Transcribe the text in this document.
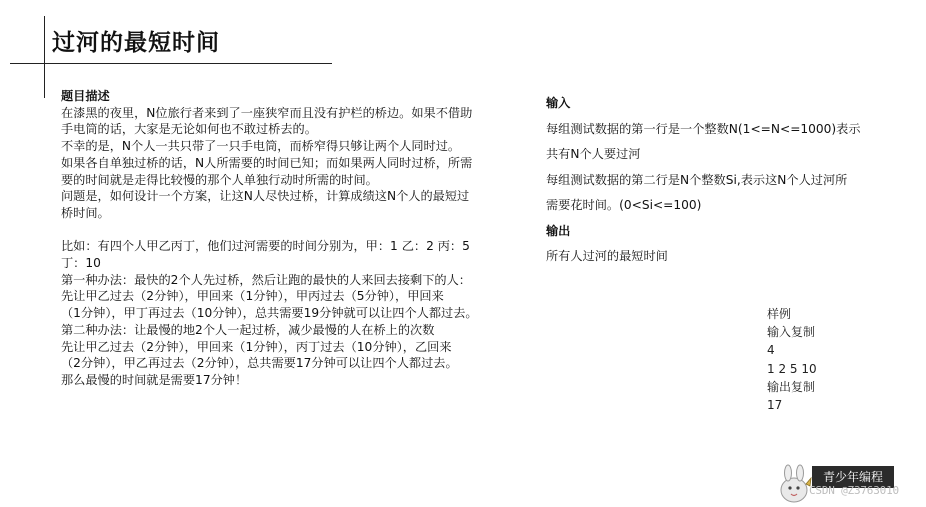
过河的最短时间
题目描述
在漆黑的夜里，N位旅行者来到了一座狭窄而且没有护栏的桥边。如果不借助
手电筒的话，大家是无论如何也不敢过桥去的。
不幸的是，N个人一共只带了一只手电筒，而桥窄得只够让两个人同时过。
如果各自单独过桥的话，N人所需要的时间已知；而如果两人同时过桥，所需
要的时间就是走得比较慢的那个人单独行动时所需的时间。
问题是，如何设计一个方案，让这N人尽快过桥，计算成绩这N个人的最短过
桥时间。
比如：有四个人甲乙丙丁，他们过河需要的时间分别为，甲：1 乙：2 丙：5
丁：10
第一种办法：最快的2个人先过桥，然后让跑的最快的人来回去接剩下的人：
先让甲乙过去（2分钟），甲回来（1分钟），甲丙过去（5分钟），甲回来
（1分钟），甲丁再过去（10分钟），总共需要19分钟就可以让四个人都过去。
第二种办法：让最慢的地2个人一起过桥，减少最慢的人在桥上的次数
先让甲乙过去（2分钟），甲回来（1分钟），丙丁过去（10分钟），乙回来
（2分钟），甲乙再过去（2分钟），总共需要17分钟可以让四个人都过去。
那么最慢的时间就是需要17分钟！
输入
每组测试数据的第一行是一个整数N(1<=N<=1000)表示
共有N个人要过河
每组测试数据的第二行是N个整数Si,表示这N个人过河所
需要花时间。(0<Si<=100)
输出
所有人过河的最短时间
样例
输入复制
4
1 2 5 10
输出复制
17
青少年编程
CSDN @Z3763010
